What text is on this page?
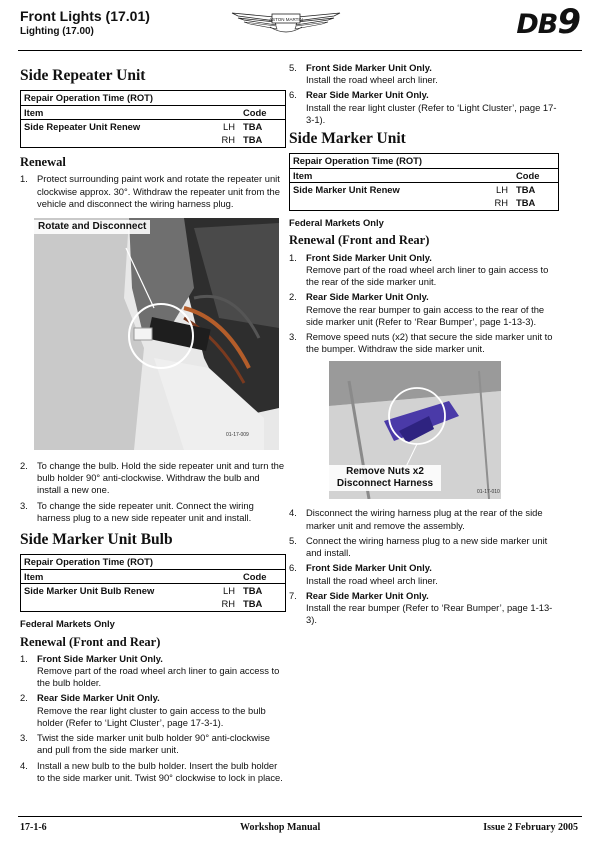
Front Lights (17.01)
Lighting (17.00)
ASTON MARTIN	DB9
Side Repeater Unit
Repair Operation Time (ROT)
Item	Code
Side Repeater Unit Renew	LH TBA
RH TBA
Renewal
1. Protect surrounding paint work and rotate the repeater unit clockwise approx. 30°. Withdraw the repeater unit from the vehicle and disconnect the wiring harness plug.
Rotate and Disconnect
01-17-009
2. To change the bulb. Hold the side repeater unit and turn the bulb holder 90° anti-clockwise. Withdraw the bulb and install a new one.
3. To change the side repeater unit. Connect the wiring harness plug to a new side repeater unit and install.
Side Marker Unit Bulb
Repair Operation Time (ROT)
Item	Code
Side Marker Unit Bulb Renew	LH TBA
RH TBA
Federal Markets Only
Renewal (Front and Rear)
1. Front Side Marker Unit Only.
Remove part of the road wheel arch liner to gain access to the bulb holder.
2. Rear Side Marker Unit Only.
Remove the rear light cluster to gain access to the bulb holder (Refer to ‘Light Cluster’, page 17-3-1).
3. Twist the side marker unit bulb holder 90° anti-clockwise and pull from the side marker unit.
4. Install a new bulb to the bulb holder. Insert the bulb holder to the side marker unit. Twist 90° clockwise to lock in place.
5. Front Side Marker Unit Only.
Install the road wheel arch liner.
6. Rear Side Marker Unit Only.
Install the rear light cluster (Refer to ‘Light Cluster’, page 17-3-1).
Side Marker Unit
Repair Operation Time (ROT)
Item	Code
Side Marker Unit Renew	LH TBA
RH TBA
Federal Markets Only
Renewal (Front and Rear)
1. Front Side Marker Unit Only.
Remove part of the road wheel arch liner to gain access to the rear of the side marker unit.
2. Rear Side Marker Unit Only.
Remove the rear bumper to gain access to the rear of the side marker unit (Refer to ‘Rear Bumper’, page 1-13-3).
3. Remove speed nuts (x2) that secure the side marker unit to the bumper. Withdraw the side marker unit.
Remove Nuts x2
Disconnect Harness
01-17-010
4. Disconnect the wiring harness plug at the rear of the side marker unit and remove the assembly.
5. Connect the wiring harness plug to a new side marker unit and install.
6. Front Side Marker Unit Only.
Install the road wheel arch liner.
7. Rear Side Marker Unit Only.
Install the rear bumper (Refer to ‘Rear Bumper’, page 1-13-3).
17-1-6	Workshop Manual	Issue 2 February 2005
